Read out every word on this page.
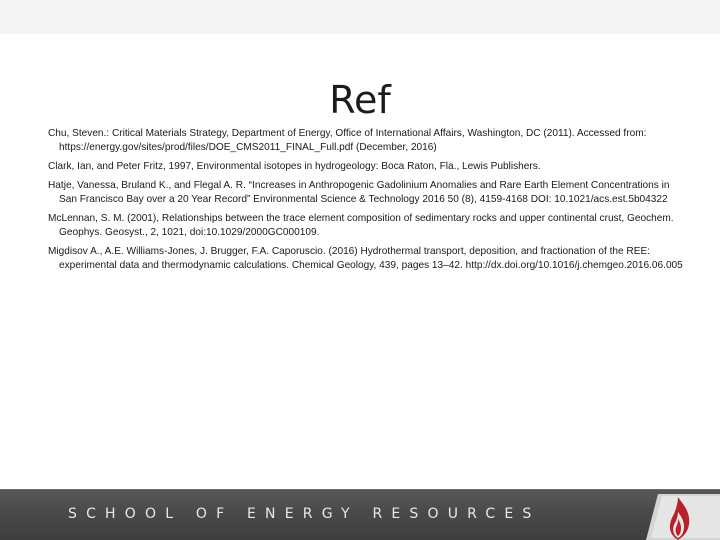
Ref
Chu, Steven.: Critical Materials Strategy, Department of Energy, Office of International Affairs, Washington, DC (2011). Accessed from: https://energy.gov/sites/prod/files/DOE_CMS2011_FINAL_Full.pdf (December, 2016)
Clark, Ian, and Peter Fritz, 1997, Environmental isotopes in hydrogeology: Boca Raton, Fla., Lewis Publishers.
Hatje, Vanessa, Bruland K., and Flegal A. R. “Increases in Anthropogenic Gadolinium Anomalies and Rare Earth Element Concentrations in San Francisco Bay over a 20 Year Record” Environmental Science & Technology 2016 50 (8), 4159-4168 DOI: 10.1021/acs.est.5b04322
McLennan, S. M. (2001), Relationships between the trace element composition of sedimentary rocks and upper continental crust, Geochem. Geophys. Geosyst., 2, 1021, doi:10.1029/2000GC000109.
Migdisov A., A.E. Williams-Jones, J. Brugger, F.A. Caporuscio. (2016) Hydrothermal transport, deposition, and fractionation of the REE: experimental data and thermodynamic calculations. Chemical Geology, 439, pages 13–42. http://dx.doi.org/10.1016/j.chemgeo.2016.06.005
SCHOOL OF ENERGY RESOURCES
